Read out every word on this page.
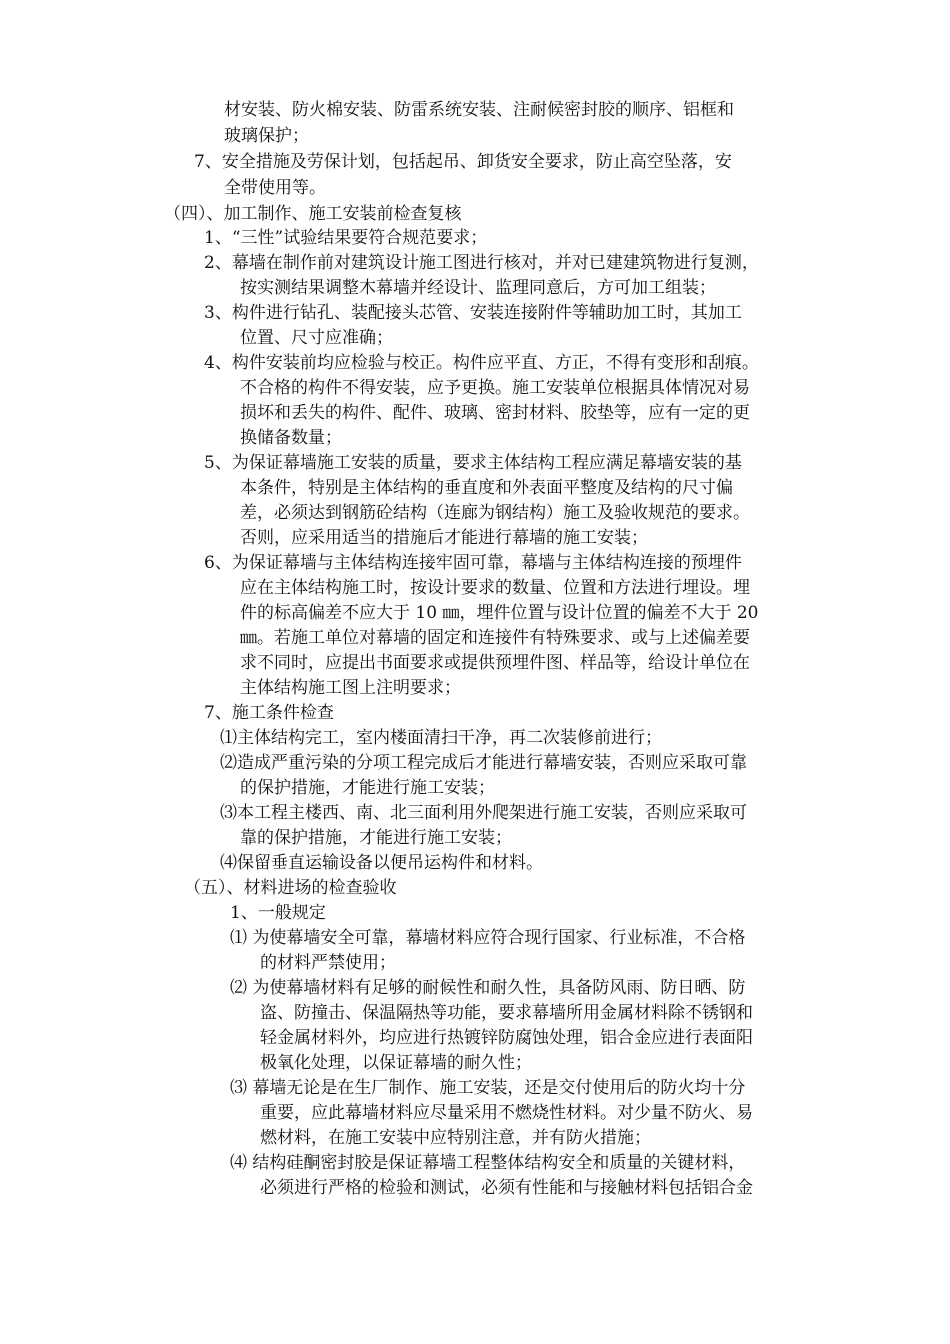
材安装、防火棉安装、防雷系统安装、注耐候密封胶的顺序、铝框和
玻璃保护；
7、安全措施及劳保计划，包括起吊、卸货安全要求，防止高空坠落，安
全带使用等。
（四）、加工制作、施工安装前检查复核
1、“三性”试验结果要符合规范要求；
2、幕墙在制作前对建筑设计施工图进行核对，并对已建建筑物进行复测，
按实测结果调整木幕墙并经设计、监理同意后，方可加工组装；
3、构件进行钻孔、装配接头芯管、安装连接附件等辅助加工时，其加工
位置、尺寸应准确；
4、构件安装前均应检验与校正。构件应平直、方正，不得有变形和刮痕。
不合格的构件不得安装，应予更换。施工安装单位根据具体情况对易
损坏和丢失的构件、配件、玻璃、密封材料、胶垫等，应有一定的更
换储备数量；
5、为保证幕墙施工安装的质量，要求主体结构工程应满足幕墙安装的基
本条件，特别是主体结构的垂直度和外表面平整度及结构的尺寸偏
差，必须达到钢筋砼结构（连廊为钢结构）施工及验收规范的要求。
否则，应采用适当的措施后才能进行幕墙的施工安装；
6、为保证幕墙与主体结构连接牢固可靠，幕墙与主体结构连接的预埋件
应在主体结构施工时，按设计要求的数量、位置和方法进行埋设。埋
件的标高偏差不应大于 10 ㎜，埋件位置与设计位置的偏差不大于 20
㎜。若施工单位对幕墙的固定和连接件有特殊要求、或与上述偏差要
求不同时，应提出书面要求或提供预埋件图、样品等，给设计单位在
主体结构施工图上注明要求；
7、施工条件检查
⑴主体结构完工，室内楼面清扫干净，再二次装修前进行；
⑵造成严重污染的分项工程完成后才能进行幕墙安装，否则应采取可靠
的保护措施，才能进行施工安装；
⑶本工程主楼西、南、北三面利用外爬架进行施工安装，否则应采取可
靠的保护措施，才能进行施工安装；
⑷保留垂直运输设备以便吊运构件和材料。
（五）、材料进场的检查验收
1、一般规定
⑴ 为使幕墙安全可靠，幕墙材料应符合现行国家、行业标准，不合格
的材料严禁使用；
⑵ 为使幕墙材料有足够的耐候性和耐久性，具备防风雨、防日晒、防
盗、防撞击、保温隔热等功能，要求幕墙所用金属材料除不锈钢和
轻金属材料外，均应进行热镀锌防腐蚀处理，铝合金应进行表面阳
极氧化处理，以保证幕墙的耐久性；
⑶ 幕墙无论是在生厂制作、施工安装，还是交付使用后的防火均十分
重要，应此幕墙材料应尽量采用不燃烧性材料。对少量不防火、易
燃材料，在施工安装中应特别注意，并有防火措施；
⑷ 结构硅酮密封胶是保证幕墙工程整体结构安全和质量的关键材料，
必须进行严格的检验和测试，必须有性能和与接触材料包括铝合金
